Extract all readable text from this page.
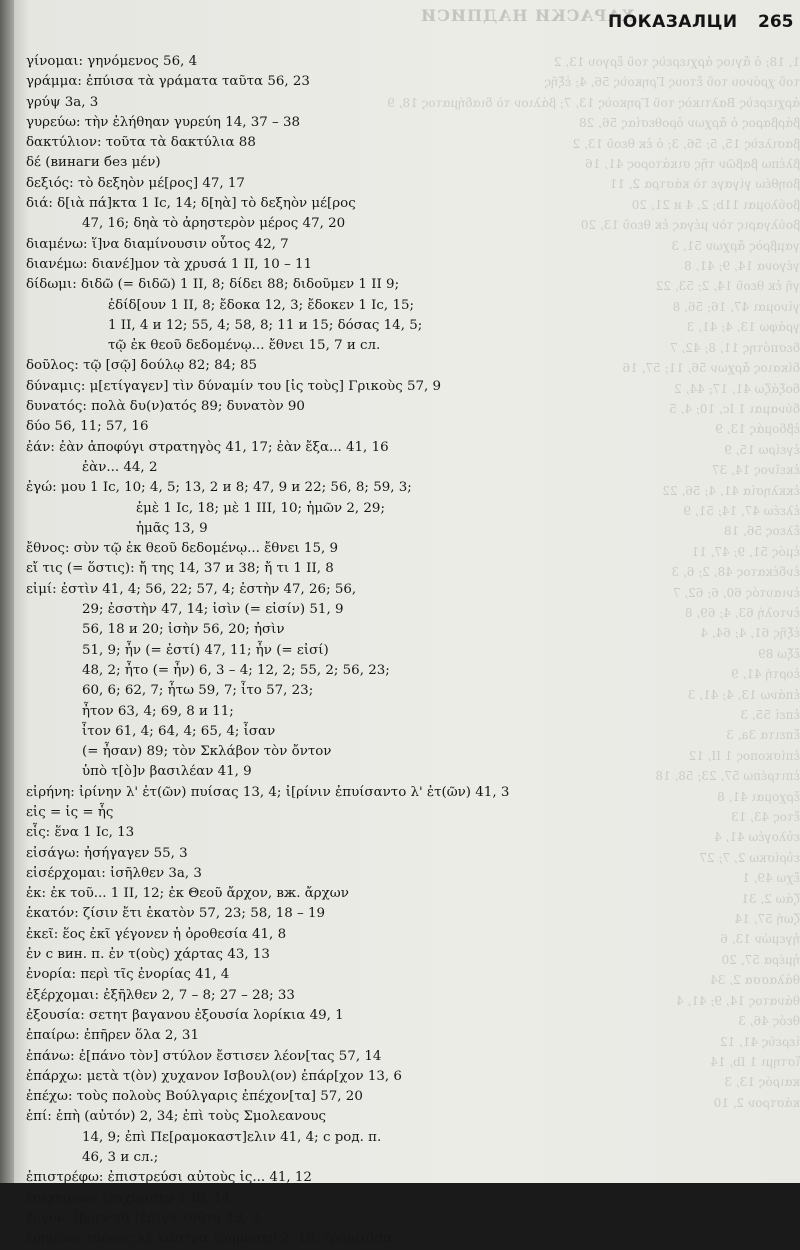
ХАРАСКИ НАДПИСИ
1, 18; ὁ ἄγιος ἀρχιερεὺς τοῦ ἔργου 13, 2
τοῦ χρόνου τοῦ ἔτους Γρηκοὺς 56, 4; ἑξῆς
ἀρχιερεὺς Βαλτικὸς τοῦ Γρηκοὺς 13, 7; βάλιον τὸ διαδήματος 18, 9
βάρβαρος ὁ ἄρχων ὀροθεσίας 56, 28
βασιλεὺς 15, 5; 56, 3; ὁ ἐκ θεοῦ 13, 2
βλέπω βαβῶν τῆς σικάτορος 41, 16
βοηθέω γίγαγε τὸ κάστρα 2, 11
βούλομαι 11b; 2, 4 и 21, 20
βούλγαρις τὸν μέγας ἐκ θεοῦ 13, 20
γαμβρὸς ἄρχων 51, 3
γέγονα 14, 9; 41, 8
γῆ ἐκ θεοῦ 14, 2; 53, 22
γίνομαι 47, 16; 56, 8
γράφω 13, 4; 41, 3
δεσπότης 11, 8; 42, 7
δίκαιος ἄρχων 56, 11; 57, 16
δοξάζω 41, 17; 44, 2
δύναμαι 1 Ic, 10; 4, 5
ἑβδομάς 13, 9
ἐγείρω 15, 9
ἐκεῖνος 14, 37
ἐκκλησία 41, 4; 56, 22
ἐλεέω 47, 14; 51, 9
ἔλεος 56, 18
ἐμός 51, 9; 47, 11
ἐνδέκατος 48, 2; 6, 3
ἐνιαυτός 60, 6; 62, 7
ἐντολή 63, 4; 69, 8
ἑξῆς 61, 4; 64, 4
ἔξω 89
ἑορτή 41, 9
ἐπάνω 13, 4; 41, 3
ἐπεί 55, 3
ἔπειτα 3a, 3
ἐπίσκοπος 1 II, 12
ἐπιτρέπω 57, 23; 58, 18
ἔρχομαι 41, 8
ἔτος 43, 13
εὐλογέω 41, 4
εὑρίσκω 2, 7; 27
ἔχω 49, 1
ζάω 2, 31
ζωή 57, 14
ἡγεμών 13, 6
ἡμέρα 57, 20
θάλασσα 2, 34
θάνατος 14, 9; 41, 4
θεός 46, 3
ἱερεύς 41, 12
ἵστημι 1 Ib, 14
καιρός 13, 3
κάστρον 2, 10
ПОКАЗАЛЦИ 265
γίνομαι: γηνόμενος 56, 4
γράμμα: ἐπύισα τὰ γράματα ταῦτα 56, 23
γρύψ 3a, 3
γυρεύω: τὴν ἐλήθηαν γυρεύη 14, 37 – 38
δακτύλιον: τοῦτα τὰ δακτύλια 88
δέ (винаги без μέν)
δεξιός: τὸ δεξηὸν μέ[ρος] 47, 17
διά: δ[ιὰ πά]κτα 1 Ic, 14; δ[ηὰ] τὸ δεξηὸν μέ[ρος
47, 16; δηὰ τὸ ἀρηστερὸν μέρος 47, 20
διαμένω: ἵ]να διαμίνουσιν οὗτος 42, 7
διανέμω: διανέ]μον τὰ χρυσά 1 II, 10 – 11
δίδωμι: διδῶ (= διδῶ) 1 II, 8; δίδει 88; διδοῦμεν 1 II 9;
ἐδίδ[ουν 1 II, 8; ἔδοκα 12, 3; ἔδοκεν 1 Ic, 15;
1 II, 4 и 12; 55, 4; 58, 8; 11 и 15; δόσας 14, 5;
τῷ ἐκ θεοῦ δεδομένῳ... ἔθνει 15, 7 и сл.
δοῦλος: τῷ [σῷ] δούλῳ 82; 84; 85
δύναμις: μ[ετίγαγεν] τὶν δύναμίν του [ἰς τοὺς] Γρικοὺς 57, 9
δυνατός: πολὰ δυ(ν)ατός 89; δυνατὸν 90
δύο 56, 11; 57, 16
ἐάν: ἐὰν ἀποφύγι στρατηγὸς 41, 17; ἐὰν ἔξα... 41, 16
ἐὰν... 44, 2
ἐγώ: μου 1 Ic, 10; 4, 5; 13, 2 и 8; 47, 9 и 22; 56, 8; 59, 3;
ἐμὲ 1 Ic, 18; μὲ 1 III, 10; ἡμῶν 2, 29;
ἡμᾶς 13, 9
ἔθνος: σὺν τῷ ἐκ θεοῦ δεδομένῳ... ἔθνει 15, 9
εἴ τις (= ὅστις): ἤ της 14, 37 и 38; ἤ τι 1 II, 8
εἰμί: ἐστὶν 41, 4; 56, 22; 57, 4; ἐστὴν 47, 26; 56,
29; ἐσστὴν 47, 14; ἰσὶν (= εἰσίν) 51, 9
56, 18 и 20; ἰσὴν 56, 20; ἠσὶν
51, 9; ἦν (= ἐστί) 47, 11; ἦν (= εἰσί)
48, 2; ἦτο (= ἦν) 6, 3 – 4; 12, 2; 55, 2; 56, 23;
60, 6; 62, 7; ἦτω 59, 7; ἶτο 57, 23;
ἦτον 63, 4; 69, 8 и 11;
ἶτον 61, 4; 64, 4; 65, 4; ἶσαν
(= ἦσαν) 89; τὸν Σκλάβον τὸν ὄντον
ὑπὸ τ[ὸ]ν βασιλέαν 41, 9
εἰρήνη: ἰρίνην λ' ἐτ(ῶν) πυίσας 13, 4; ἰ[ρίνιν ἐπυίσαντο λ' ἐτ(ῶν) 41, 3
εἰς = ἰς = ἧς
εἷς: ἕνα 1 Ic, 13
εἰσάγω: ἠσήγαγεν 55, 3
εἰσέρχομαι: ἰσῆλθεν 3a, 3
ἐκ: ἐκ τοῦ... 1 II, 12; ἐκ Θεοῦ ἄρχον, вж. ἄρχων
ἑκατόν: ζίσιν ἔτι ἑκατὸν 57, 23; 58, 18 – 19
ἐκεῖ: ἕος ἐκῖ γέγονεν ἡ ὀροθεσία 41, 8
ἐν с вин. п. ἐν τ(οὺς) χάρτας 43, 13
ἐνορία: περὶ τῖς ἐνορίας 41, 4
ἐξέρχομαι: ἐξῆλθεν 2, 7 – 8; 27 – 28; 33
ἐξουσία: σετητ βαγανου ἐξουσία λορίκια 49, 1
ἐπαίρω: ἐπῆρεν ὅλα 2, 31
ἐπάνω: ἐ[πάνο τὸν] στύλον ἔστισεν λέον[τας 57, 14
ἐπάρχω: μετὰ τ(ὸν) χυχανον Ισβουλ(ον) ἐπάρ[χον 13, 6
ἐπέχω: τοὺς πολοὺς Βούλγαρις ἐπέχον[τα] 57, 20
ἐπί: ἐπὴ (αὐτόν) 2, 34; ἐπὶ τοὺς Σμολεανους
14, 9; ἐπὶ Πε[ραμοκαστ]ελιν 41, 4; с род. п.
46, 3 и сл.;
ἐπιστρέφω: ἐπιστρεύσι αὐτοὺς ἰς... 41, 12
ἐπιχειρέω: ἐπιχίρισεν 1 Ib, 14
ἔργον: ἴβρεν τὰ (ἔρ)γα τοῦτα 13, 3
ἐρημόω: τόπους κὲ κάστρα ἐρήμοσεν 2, 10; ἐρήμ(ο)σα
